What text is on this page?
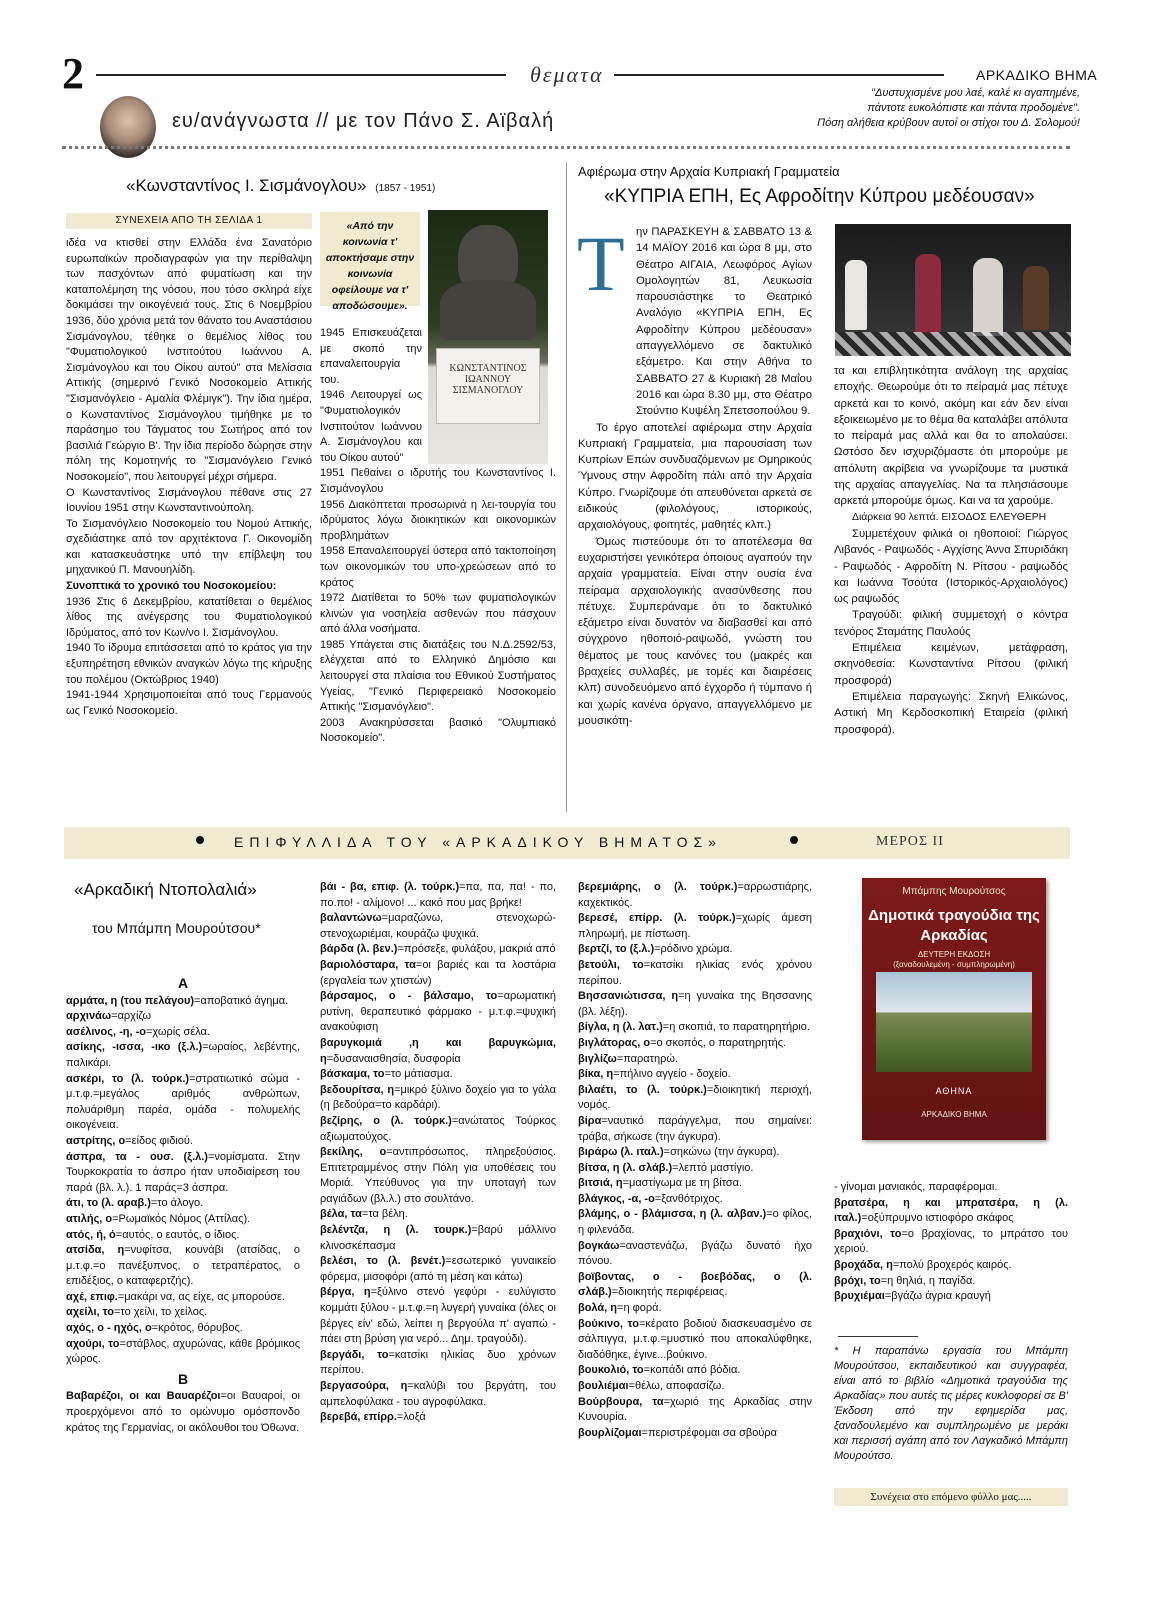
2	θεματα	ΑΡΚΑΔΙΚΟ ΒΗΜΑ
ευ/ανάγνωστα // με τον Πάνο Σ. Αϊβαλή
"Δυστυχισμένε μου λαέ, καλέ κι αγαπημένε,
πάντοτε ευκολόπιστε και πάντα προδομένε".
Πόση αλήθεια κρύβουν αυτοί οι στίχοι του Δ. Σολομού!
«Κωνσταντίνος Ι. Σισμάνογλου» (1857 - 1951)
ΣΥΝΕΧΕΙΑ ΑΠΟ ΤΗ ΣΕΛΙΔΑ 1
ιδέα να κτισθεί στην Ελλάδα ένα Σανατόριο ευρωπαϊκών προδιαγραφών για την περίθαλψη των πασχόντων από φυματίωση και την καταπολέμηση της νόσου, που τόσο σκληρά είχε δοκιμάσει την οικογένειά τους. Στις 6 Νοεμβρίου 1936, δύο χρόνια μετά τον θάνατο του Αναστάσιου Σισμάνογλου, τέθηκε ο θεμέλιος λίθος του "Φυματιολογικού Ινστιτούτου Ιωάννου Α. Σισμάνογλου και του Οίκου αυτού" στα Μελίσσια Αττικής (σημερινό Γενικό Νοσοκομείο Αττικής "Σισμανόγλειο - Αμαλία Φλέμιγκ"). Την ίδια ημέρα, ο Κωνσταντίνος Σισμάνογλου τιμήθηκε με το παράσημο του Τάγματος του Σωτήρος από τον βασιλιά Γεώργιο Β'. Την ίδια περίοδο δώρησε στην πόλη της Κομοτηνής το "Σισμανόγλειο Γενικό Νοσοκομείο", που λειτουργεί μέχρι σήμερα.
Ο Κωνσταντίνος Σισμάνογλου πέθανε στις 27 Ιουνίου 1951 στην Κωνσταντινούπολη.
Το Σισμανόγλειο Νοσοκομείο του Νομού Αττικής, σχεδιάστηκε από τον αρχιτέκτονα Γ. Οικονομίδη και κατασκευάστηκε υπό την επίβλεψη του μηχανικού Π. Μανουηλίδη.
Συνοπτικά το χρονικό του Νοσοκομείου:
1936 Στις 6 Δεκεμβρίου, κατατίθεται ο θεμέλιος λίθος της ανέγερσης του Φυματιολογικού Ιδρύματος, από τον Κων/νο Ι. Σισμάνογλου.
1940 Το ίδρυμα επιτάσσεται από το κράτος για την εξυπηρέτηση εθνικών αναγκών λόγω της κήρυξης του πολέμου (Οκτώβριος 1940)
1941-1944 Χρησιμοποιείται από τους Γερμανούς ως Γενικό Νοσοκομείο.
«Από την κοινωνία τ' αποκτήσαμε στην κοινωνία οφείλουμε να τ' αποδώσουμε».
ΚΩΝΣΤΑΝΤΙΝΟΣ ΙΩΑΝΝΟΥ ΣΙΣΜΑΝΟΓΛΟΥ
1945 Επισκευάζεται με σκοπό την επαναλειτουργία του.
1946 Λειτουργεί ως "Φυματιολογικόν Ινστιτούτον Ιωάννου Α. Σισμάνογλου και του Οίκου αυτού"
1951 Πεθαίνει ο ιδρυτής του Κωνσταντίνος Ι. Σισμάνογλου
1956 Διακόπτεται προσωρινά η λει-τουργία του ιδρύματος λόγω διοικητικών και οικονομικών προβλημάτων
1958 Επαναλειτουργεί ύστερα από τακτοποίηση των οικονομικών του υπο-χρεώσεων από το κράτος
1972 Διατίθεται το 50% των φυματιολογικών κλινών για νοσηλεία ασθενών που πάσχουν από άλλα νοσήματα.
1985 Υπάγεται στις διατάξεις του Ν.Δ.2592/53, ελέγχεται από το Ελληνικό Δημόσιο και λειτουργεί στα πλαίσια του Εθνικού Συστήματος Υγείας, "Γενικό Περιφερειακό Νοσοκομείο Αττικής "Σισμανόγλειο".
2003 Ανακηρύσσεται βασικό "Ολυμπιακό Νοσοκομείο".
Αφιέρωμα στην Αρχαία Κυπριακή Γραμματεία
«ΚΥΠΡΙΑ ΕΠΗ, Ες Αφροδίτην Κύπρου μεδέουσαν»
Τ ην ΠΑΡΑΣΚΕΥΗ & ΣΑΒΒΑΤΟ 13 & 14 ΜΑΪΟΥ 2016 και ώρα 8 μμ, στο Θέατρο ΑΙΓΑΙΑ, Λεωφόρος Αγίων Ομολογητών 81, Λευκωσία παρουσιάστηκε το Θεατρικό Αναλόγιο «ΚΥΠΡΙΑ ΕΠΗ, Ες Αφροδίτην Κύπρου μεδέουσαν» απαγγελλόμενο σε δακτυλικό εξάμετρο. Και στην Αθήνα το ΣΑΒΒΑΤΟ 27 & Κυριακή 28 Μαΐου 2016 και ώρα 8.30 μμ, στο Θέατρο Στούντιο Κυψέλη Σπετσοπούλου 9.
Το έργο αποτελεί αφιέρωμα στην Αρχαία Κυπριακή Γραμματεία, μια παρουσίαση των Κυπρίων Επών συνδυαζόμενων με Ομηρικούς Ύμνους στην Αφροδίτη πάλι από την Αρχαία Κύπρο. Γνωρίζουμε ότι απευθύνεται αρκετά σε ειδικούς (φιλολόγους, ιστορικούς, αρχαιολόγους, φοιτητές, μαθητές κλπ.)
Όμως πιστεύουμε ότι το αποτέλεσμα θα ευχαριστήσει γενικότερα όποιους αγαπούν την αρχαία γραμματεία. Είναι στην ουσία ένα πείραμα αρχαιολογικής ανασύνθεσης που πέτυχε. Συμπεράναμε ότι το δακτυλικό εξάμετρο είναι δυνατόν να διαβασθεί και από σύγχρονο ηθοποιό-ραψωδό, γνώστη του θέματος με τους κανόνες του (μακρές και βραχείες συλλαβές, με τομές και διαιρέσεις κλπ) συνοδευόμενο από έγχορδο ή τύμπανο ή και χωρίς κανένα όργανο, απαγγελλόμενο με μουσικότη-
τα και επιβλητικότητα ανάλογη της αρχαίας εποχής. Θεωρούμε ότι το πείραμά μας πέτυχε αρκετά και το κοινό, ακόμη και εάν δεν είναι εξοικειωμένο με το θέμα θα καταλάβει απόλυτα το πείραμά μας αλλά και θα το απολαύσει. Ωστόσο δεν ισχυριζόμαστε ότι μπορούμε με απόλυτη ακρίβεια να γνωρίζουμε τα μυστικά της αρχαίας απαγγελίας. Να τα πλησιάσουμε αρκετά μπορούμε όμως. Και να τα χαρούμε.
Διάρκεια 90 λεπτά. ΕΙΣΟΔΟΣ ΕΛΕΥΘΕΡΗ
Συμμετέχουν φιλικά οι ηθοποιοί: Γιώργος Λιβανός - Ραψωδός - Αγχίσης Άννα Σπυριδάκη - Ραψωδός - Αφροδίτη Ν. Ρίτσου - ραψωδός και Ιωάννα Τσούτα (Ιστορικός-Αρχαιολόγος) ως ραψωδός
Τραγούδι: φιλική συμμετοχή ο κόντρα τενόρος Σταμάτης Παυλούς
Επιμέλεια κειμένων, μετάφραση, σκηνοθεσία: Κωνσταντίνα Ρίτσου (φιλική προσφορά)
Επιμέλεια παραγωγής: Σκηνή Ελικώνος, Αστική Μη Κερδοσκοπική Εταιρεία (φιλική προσφορά).
ΕΠΙΦΥΛΛΙΔΑ ΤΟΥ «ΑΡΚΑΔΙΚΟΥ ΒΗΜΑΤΟΣ»	ΜΕΡΟΣ ΙΙ
«Αρκαδική Ντοπολαλιά»
του Μπάμπη Μουρούτσου*
Α

αρμάτα, η (του πελάγου)=αποβατικό άγημα.

αρχινάω=αρχίζω

ασέλινος, -η, -ο=χωρίς σέλα.

ασίκης, -ισσα, -ικο (ξ.λ.)=ωραίος, λεβέντης, παλικάρι.

ασκέρι, το (λ. τούρκ.)=στρατιωτικό σώμα - μ.τ.φ.=μεγάλος αριθμός ανθρώπων, πολυάριθμη παρέα, ομάδα - πολυμελής οικογένεια.

αστρίτης, ο=είδος φιδιού.

άσπρα, τα - ουσ. (ξ.λ.)=νομίσματα. Στην Τουρκοκρατία το άσπρο ήταν υποδιαίρεση του παρά (βλ. λ.). 1 παράς=3 άσπρα.

άτι, το (λ. αραβ.)=το άλογο.

ατιλής, ο=Ρωμαϊκός Νόμος (Αττίλας).

ατός, ή, ό=αυτός, ο εαυτός, ο ίδιος.

ατσίδα, η=νυφίτσα, κουνάβι (ατσίδας, ο μ.τ.φ.=ο πανέξυπνος, ο τετραπέρατος, ο επιδέξιος, ο καταφερτζής).

αχέ, επιφ.=μακάρι να, ας είχε, ας μπορούσε.

αχείλι, το=το χείλι, το χείλος.

αχός, ο - ηχός, ο=κρότος, θόρυβος.

αχούρι, το=στάβλος, αχυρώνας, κάθε βρόμικος χώρος.

Β

Βαβαρέζοι, οι και Βαυαρέζοι=οι Βαυαροί, οι προερχόμενοι από το ομώνυμο ομόσπονδο κράτος της Γερμανίας, οι ακόλουθοι του Όθωνα.

βάι - βα, επιφ. (λ. τούρκ.)=πα, πα, πα! - πο, πο.πο! - αλίμονο! ... κακό που μας βρήκε!

βαλαντώνω=μαραζώνω, στενοχωρώ-στενοχωριέμαι, κουράζω ψυχικά.

βάρδα (λ. βεν.)=πρόσεξε, φυλάξου, μακριά από

βαριολόσταρα, τα=οι βαριές και τα λοστάρια (εργαλεία των χτιστών)

βάρσαμος, ο - βάλσαμο, το=αρωματική ρυτίνη, θεραπευτικό φάρμακο - μ.τ.φ.=ψυχική ανακούφιση

βαρυγκομιά ,η και βαρυγκώμια, η=δυσαναισθησία, δυσφορία

βάσκαμα, το=το μάτιασμα.

βεδουρίτσα, η=μικρό ξύλινο δοχείο για το γάλα (η βεδούρα=το καρδάρι).

βεζίρης, ο (λ. τούρκ.)=ανώτατος Τούρκος αξιωματούχος.

βεκίλης, ο=αντιπρόσωπος, πληρεξούσιος. Επιτετραμμένος στην Πόλη για υποθέσεις του Μοριά. Υπεύθυνος για την υποταγή των ραγιάδων (βλ.λ.) στο σουλτάνο.

βέλα, τα=τα βέλη.

βελέντζα, η (λ. τουρκ.)=βαρύ μάλλινο κλινοσκέπασμα

βελέσι, το (λ. βενέτ.)=εσωτερικό γυναικείο φόρεμα, μισοφόρι (από τη μέση και κάτω)

βέργα, η=ξύλινο στενό γεφύρι - ευλύγιστο κομμάτι ξύλου - μ.τ.φ.=η λυγερή γυναίκα (όλες οι βέργες είν' εδώ, λείπει η βεργούλα π' αγαπώ - πάει στη βρύση για νερό... Δημ. τραγούδι).

βεργάδι, το=κατσίκι ηλικίας δυο χρόνων περίπου.

βεργασούρα, η=καλύβι του βεργάτη, του αμπελοφύλακα - του αγροφύλακα.

βερεβά, επίρρ.=λοξά

βερεμιάρης, ο (λ. τούρκ.)=αρρωστιάρης, καχεκτικός.

βερεσέ, επίρρ. (λ. τούρκ.)=χωρίς άμεση πληρωμή, με πίστωση.

βερτζί, το (ξ.λ.)=ρόδινο χρώμα.

βετούλι, το=κατσίκι ηλικίας ενός χρόνου περίπου.

Βησσανιώτισσα, η=η γυναίκα της Βησσανης (βλ. λέξη).

βίγλα, η (λ. λατ.)=η σκοπιά, το παρατηρητήριο.

βιγλάτορας, ο=ο σκοπός, ο παρατηρητής.

βιγλίζω=παρατηρώ.

βίκα, η=πήλινο αγγείο - δοχείο.

βιλαέτι, το (λ. τούρκ.)=διοικητική περιοχή, νομός.

βίρα=ναυτικό παράγγελμα, που σημαίνει: τράβα, σήκωσε (την άγκυρα).

βιράρω (λ. ιταλ.)=σηκώνω (την άγκυρα).

βίτσα, η (λ. σλάβ.)=λεπτό μαστίγιο.

βιτσιά, η=μαστίγωμα με τη βίτσα.

βλάγκος, -α, -ο=ξανθότριχος.

βλάμης, ο - βλάμισσα, η (λ. αλβαν.)=ο φίλος, η φιλενάδα.

βογκάω=αναστενάζω, βγάζω δυνατό ήχο πόνου.

βοϊβοντας, ο - βοεβόδας, ο (λ. σλάβ.)=διοικητής περιφέρειας.

βολά, η=η φορά.

βούκινο, το=κέρατο βοδιού διασκευασμένο σε σάλπιγγα, μ.τ.φ.=μυστικό που αποκαλύφθηκε, διαδόθηκε, έγινε...βούκινο.

βουκολιό, το=κοπάδι από βόδια.

βουλιέμαι=θέλω, αποφασίζω.

Βούρβουρα, τα=χωριό της Αρκαδίας στην Κυνουρία.

βουρλίζομαι=περιστρέφομαι σα σβούρα

Μπάμπης Μουρούτσος
Δημοτικά τραγούδια της Αρκαδίας
ΔΕΥΤΕΡΗ ΕΚΔΟΣΗ
(ξαναδουλεμένη - συμπληρωμένη)
ΑΘΗΝΑ
ΑΡΚΑΔΙΚΟ ΒΗΜΑ

- γίνομαι μανιακός, παραφέρομαι.

βρατσέρα, η και μπρατσέρα, η (λ. ιταλ.)=οξύπρυμνο ιστιοφόρο σκάφος

βραχιόνι, το=ο βραχίονας, το μπράτσο του χεριού.

βροχάδα, η=πολύ βροχερός καιρός.

βρόχι, το=η θηλιά, η παγίδα.

βρυχιέμαι=βγάζω άγρια κραυγή

* Η παραπάνω εργασία του Μπάμπη Μουρούτσου, εκπαιδευτικού και συγγραφέα, είναι από το βιβλίο «Δημοτικά τραγούδια της Αρκαδίας» που αυτές τις μέρες κυκλοφορεί σε Β' Έκδοση από την εφημερίδα μας, ξαναδουλεμένο και συμπληρωμένο με μεράκι και περισσή αγάπη από τον Λαγκαδικό Μπάμπη Μουρούτσο.
Συνέχεια στο επόμενο φύλλο μας.....
